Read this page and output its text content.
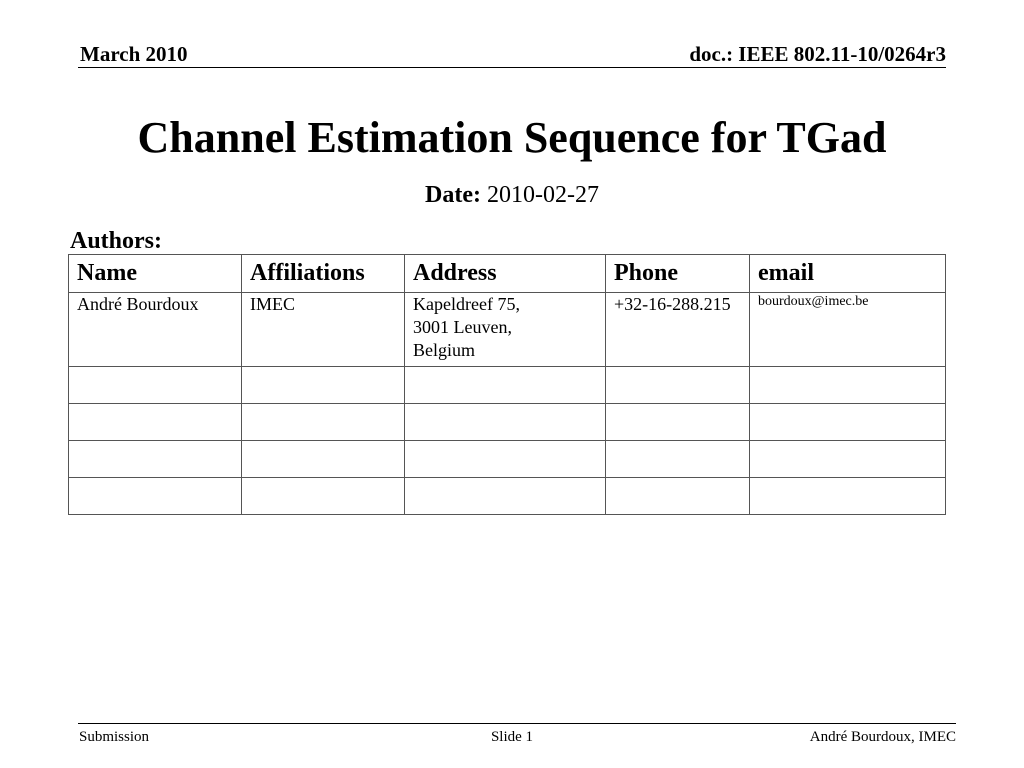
March 2010	doc.: IEEE 802.11-10/0264r3
Channel Estimation Sequence for TGad
Date: 2010-02-27
Authors:
Name	Affiliations	Address	Phone	email
André Bourdoux	IMEC	Kapeldreef 75,
3001 Leuven,
Belgium	+32-16-288.215	bourdoux@imec.be

Submission	Slide 1	André Bourdoux, IMEC
